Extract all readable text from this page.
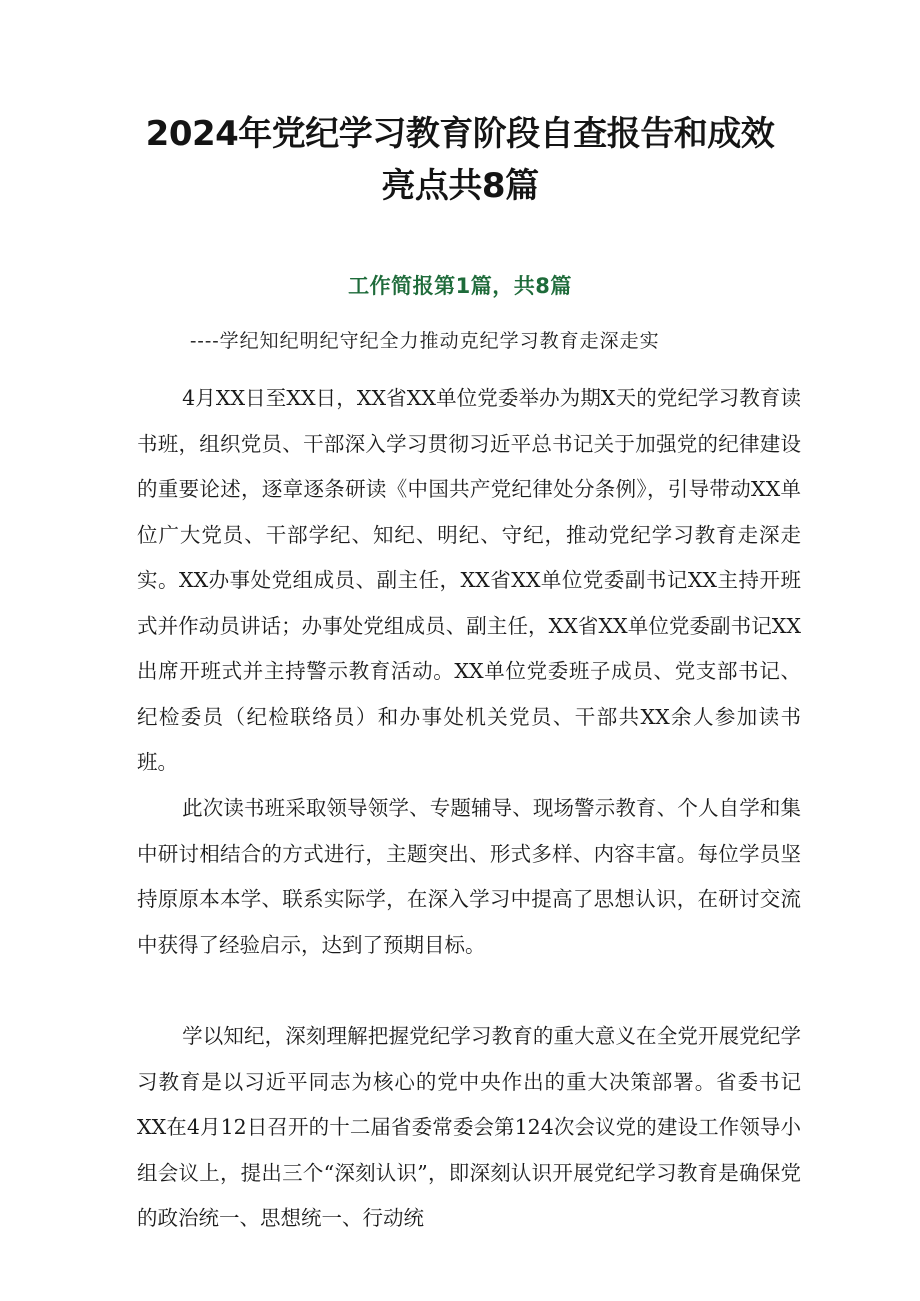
2024年党纪学习教育阶段自查报告和成效
亮点共8篇
工作简报第1篇，共8篇
----学纪知纪明纪守纪全力推动克纪学习教育走深走实

4月XX日至XX日，XX省XX单位党委举办为期X天的党纪学习教育读书班，组织党员、干部深入学习贯彻习近平总书记关于加强党的纪律建设的重要论述，逐章逐条研读《中国共产党纪律处分条例》，引导带动XX单位广大党员、干部学纪、知纪、明纪、守纪，推动党纪学习教育走深走实。XX办事处党组成员、副主任，XX省XX单位党委副书记XX主持开班式并作动员讲话；办事处党组成员、副主任，XX省XX单位党委副书记XX出席开班式并主持警示教育活动。XX单位党委班子成员、党支部书记、纪检委员（纪检联络员）和办事处机关党员、干部共XX余人参加读书班。

此次读书班采取领导领学、专题辅导、现场警示教育、个人自学和集中研讨相结合的方式进行，主题突出、形式多样、内容丰富。每位学员坚持原原本本学、联系实际学，在深入学习中提高了思想认识，在研讨交流中获得了经验启示，达到了预期目标。

学以知纪，深刻理解把握党纪学习教育的重大意义在全党开展党纪学习教育是以习近平同志为核心的党中央作出的重大决策部署。省委书记XX在4月12日召开的十二届省委常委会第124次会议党的建设工作领导小组会议上，提出三个“深刻认识”，即深刻认识开展党纪学习教育是确保党的政治统一、思想统一、行动统
